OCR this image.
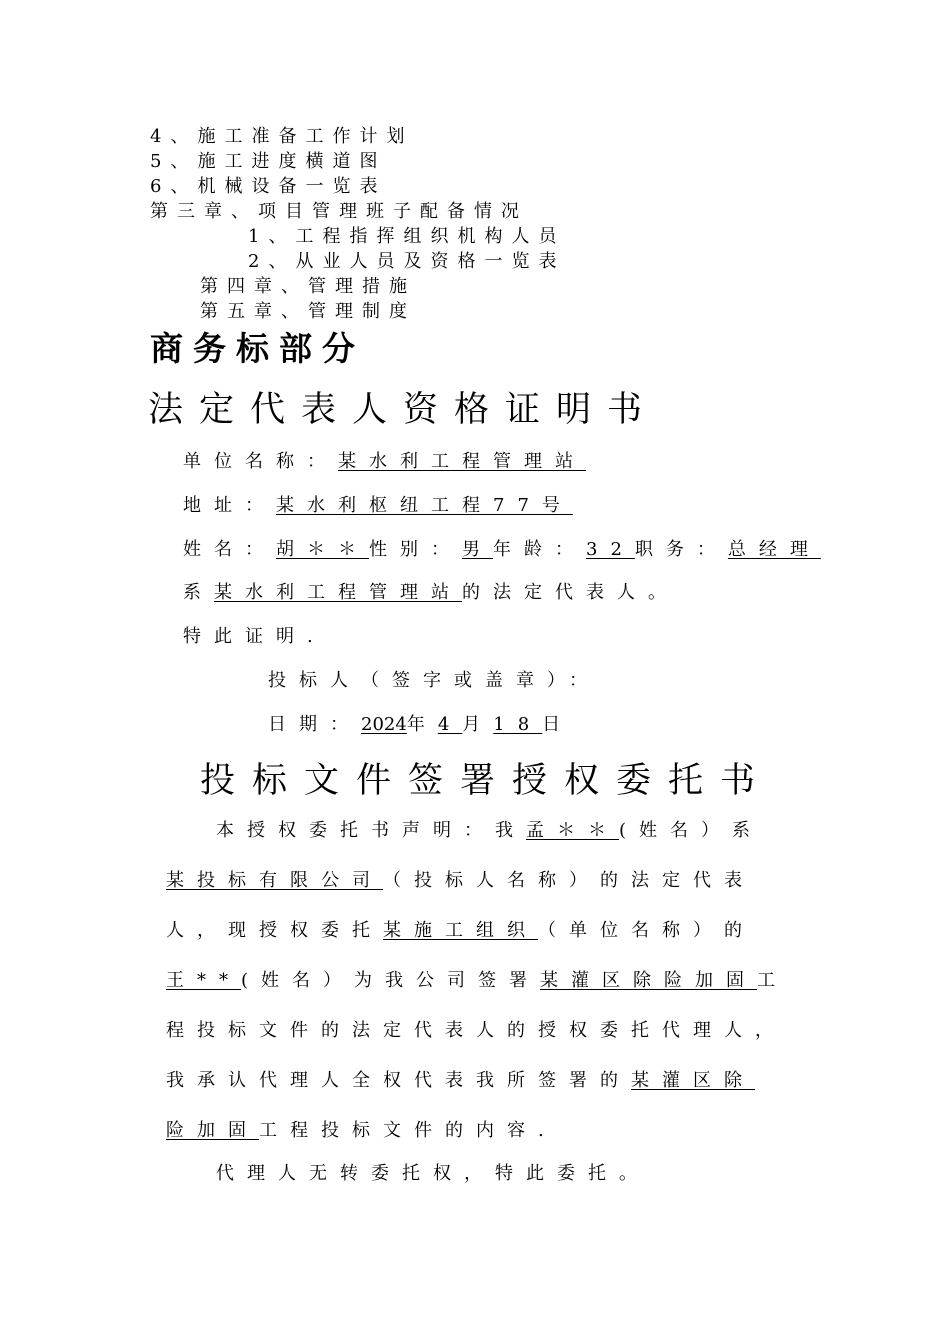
4、施工准备工作计划
5、施工进度横道图
6、机械设备一览表
第三章、项目管理班子配备情况
1、工程指挥组织机构人员
2、从业人员及资格一览表
第四章、管理措施
第五章、管理制度
商务标部分
法定代表人资格证明书
单位名称：某水利工程管理站
地址：某水利枢纽工程77号
姓名：胡＊＊性别：男年龄：32职务：总经理
系某水利工程管理站的法定代表人。
特此证明.
投标人（签字或盖章）：
日期：2024年4月18日
投标文件签署授权委托书
本授权委托书声明：我孟＊＊(姓名）系
某投标有限公司（投标人名称）的法定代表
人，现授权委托某施工组织（单位名称）的
王**(姓名）为我公司签署某灌区除险加固工
程投标文件的法定代表人的授权委托代理人，
我承认代理人全权代表我所签署的某灌区除
险加固工程投标文件的内容.
代理人无转委托权，特此委托。
